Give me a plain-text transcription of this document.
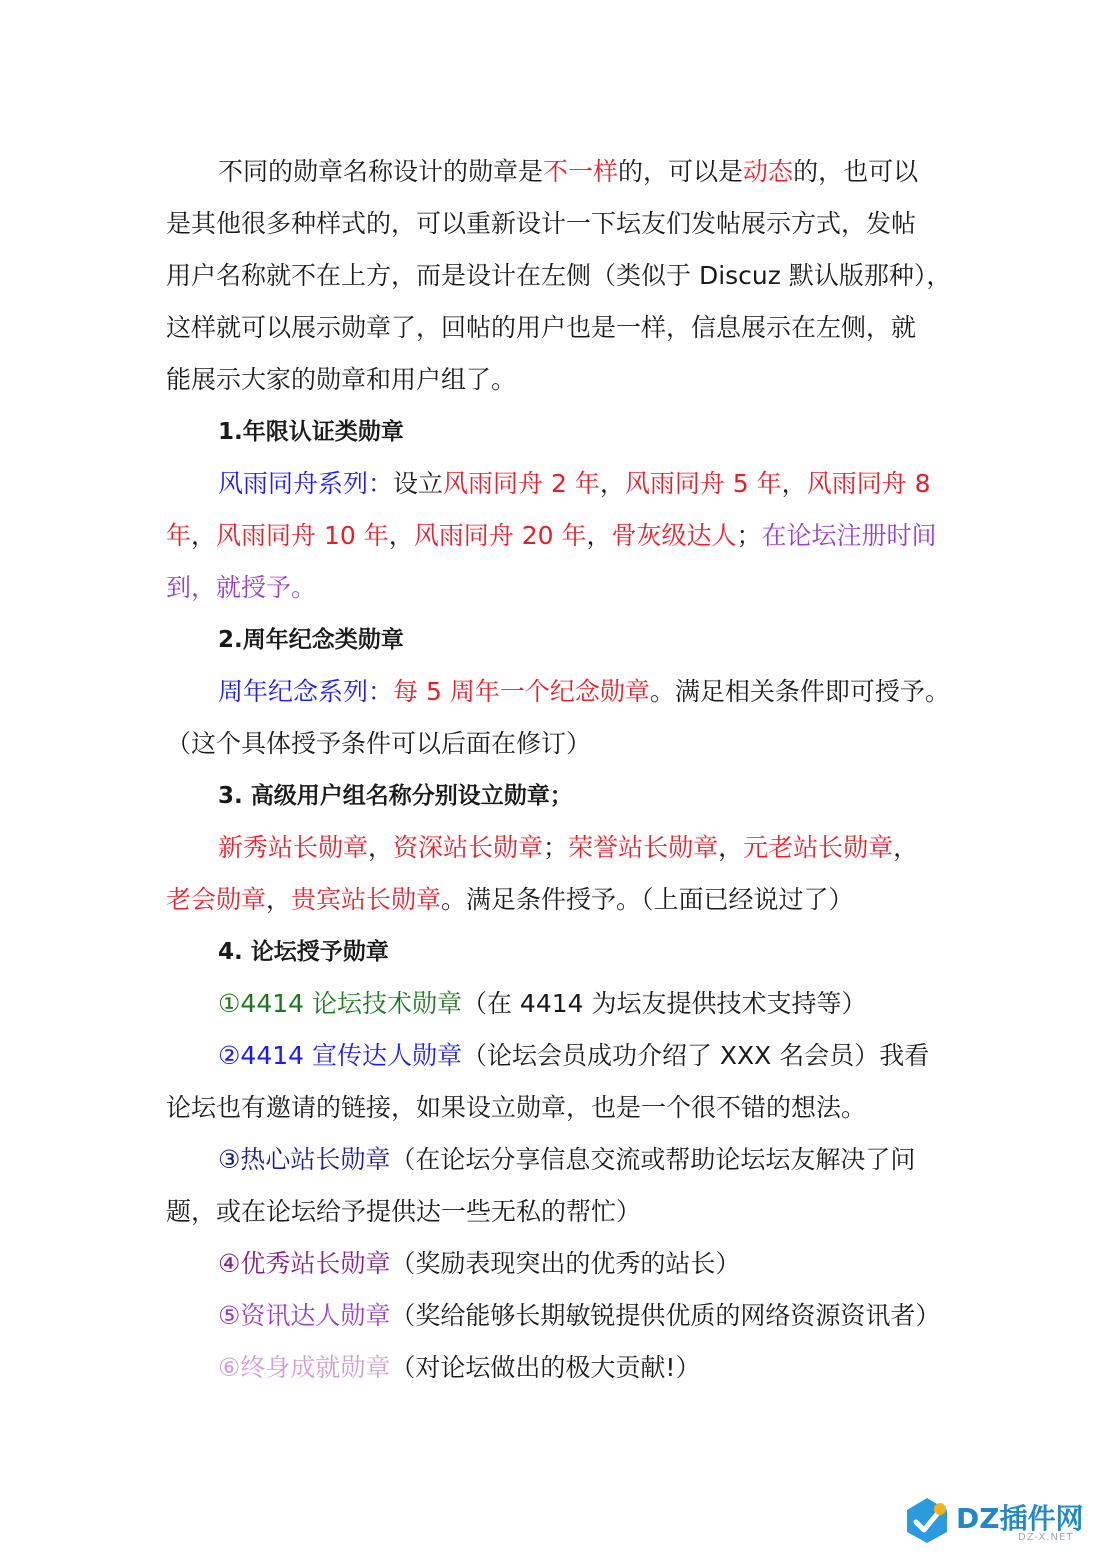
不同的勋章名称设计的勋章是不一样的，可以是动态的，也可以

是其他很多种样式的，可以重新设计一下坛友们发帖展示方式，发帖

用户名称就不在上方，而是设计在左侧（类似于 Discuz 默认版那种），

这样就可以展示勋章了，回帖的用户也是一样，信息展示在左侧，就

能展示大家的勋章和用户组了。

1.年限认证类勋章

风雨同舟系列：设立风雨同舟 2 年，风雨同舟 5 年，风雨同舟 8

年，风雨同舟 10 年，风雨同舟 20 年，骨灰级达人；在论坛注册时间

到，就授予。

2.周年纪念类勋章

周年纪念系列：每 5 周年一个纪念勋章。满足相关条件即可授予。

（这个具体授予条件可以后面在修订）

3. 高级用户组名称分别设立勋章；

新秀站长勋章，资深站长勋章；荣誉站长勋章，元老站长勋章，

老会勋章，贵宾站长勋章。满足条件授予。（上面已经说过了）

4. 论坛授予勋章

①4414 论坛技术勋章（在 4414 为坛友提供技术支持等）

②4414 宣传达人勋章（论坛会员成功介绍了 XXX 名会员）我看

论坛也有邀请的链接，如果设立勋章，也是一个很不错的想法。

③热心站长勋章（在论坛分享信息交流或帮助论坛坛友解决了问

题，或在论坛给予提供达一些无私的帮忙）

④优秀站长勋章（奖励表现突出的优秀的站长）

⑤资讯达人勋章（奖给能够长期敏锐提供优质的网络资源资讯者）

⑥终身成就勋章（对论坛做出的极大贡献!）

DZ插件网
DZ-X.NET
